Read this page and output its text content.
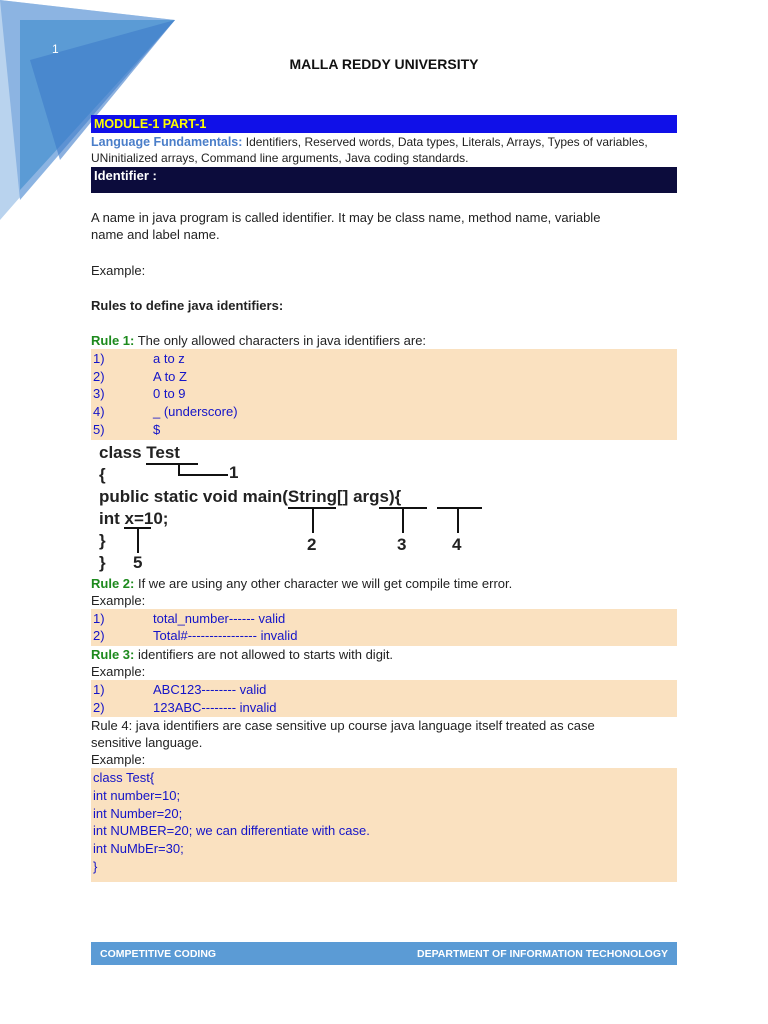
1
MALLA REDDY UNIVERSITY
MODULE-1 PART-1
Language Fundamentals: Identifiers, Reserved words, Data types, Literals, Arrays, Types of variables,
UNinitialized arrays, Command line arguments, Java coding standards.
Identifier :

A name in java program is called identifier. It may be class name, method name, variable

name and label name.

Example:

Rules to define java identifiers:

Rule 1: The only allowed characters in java identifiers are:

1)	a to z
2)	A to Z
3)	0 to 9
4)	_ (underscore)
5)	$
class Test
{
public static void main(String[] args){
int x=10;
}
}
1
2	3	4
5

Rule 2: If we are using any other character we will get compile time error.

Example:

1)	total_number------ valid
2)	Total#---------------- invalid

Rule 3: identifiers are not allowed to starts with digit.

Example:

1)	ABC123-------- valid
2)	123ABC-------- invalid

Rule 4: java identifiers are case sensitive up course java language itself treated as case

sensitive language.

Example:

class Test{
int number=10;
int Number=20;
int NUMBER=20; we can differentiate with case.
int NuMbEr=30;
}
COMPETITIVE CODING	DEPARTMENT OF INFORMATION TECHONOLOGY
